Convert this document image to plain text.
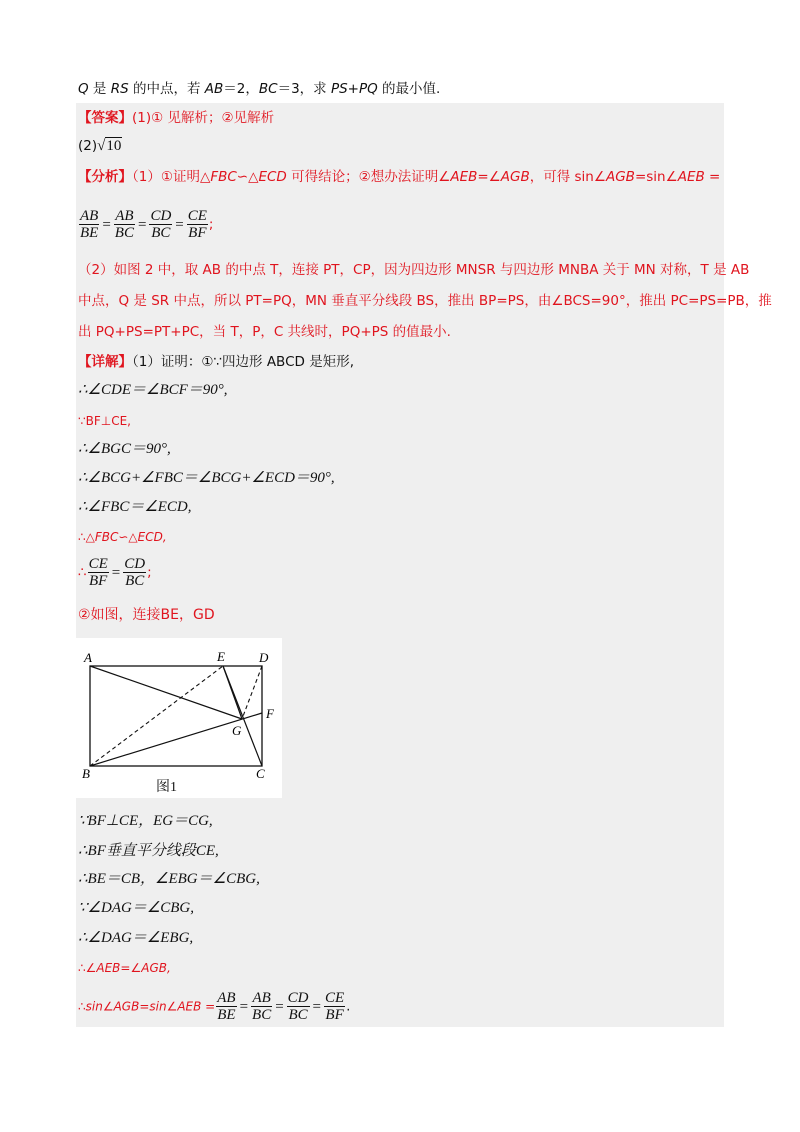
Q 是 RS 的中点，若 AB＝2，BC＝3，求 PS+PQ 的最小值.
【答案】(1)① 见解析；②见解析
(2)√10
【分析】（1）①证明△FBC∽△ECD 可得结论；②想办法证明∠AEB=∠AGB，可得 sin∠AGB=sin∠AEB =
$\frac{AB}{BE} = \frac{AB}{BC} = \frac{CD}{BC} = \frac{CE}{BF}$ ;
（2）如图 2 中，取 AB 的中点 T，连接 PT，CP，因为四边形 MNSR 与四边形 MNBA 关于 MN 对称，T 是 AB
中点，Q 是 SR 中点，所以 PT=PQ，MN 垂直平分线段 BS，推出 BP=PS，由∠BCS=90°，推出 PC=PS=PB，推
出 PQ+PS=PT+PC，当 T，P，C 共线时，PQ+PS 的值最小.
【详解】（1）证明：①∵四边形 ABCD 是矩形,
∴∠CDE＝∠BCF＝90°,
∵BF⊥CE,
∴∠BGC＝90°,
∴∠BCG+∠FBC＝∠BCG+∠ECD＝90°,
∴∠FBC＝∠ECD,
∴△FBC∽△ECD,
∴ $\frac{CE}{BF} = \frac{CD}{BC}$ ;
②如图，连接BE，GD
A	E	D
F
G
B	C
图1
∵BF⊥CE，EG＝CG,
∴BF垂直平分线段CE,
∴BE＝CB，∠EBG＝∠CBG,
∵∠DAG＝∠CBG,
∴∠DAG＝∠EBG,
∴∠AEB=∠AGB,
∴sin∠AGB=sin∠AEB = $\frac{AB}{BE} = \frac{AB}{BC} = \frac{CD}{BC} = \frac{CE}{BF}$ .
